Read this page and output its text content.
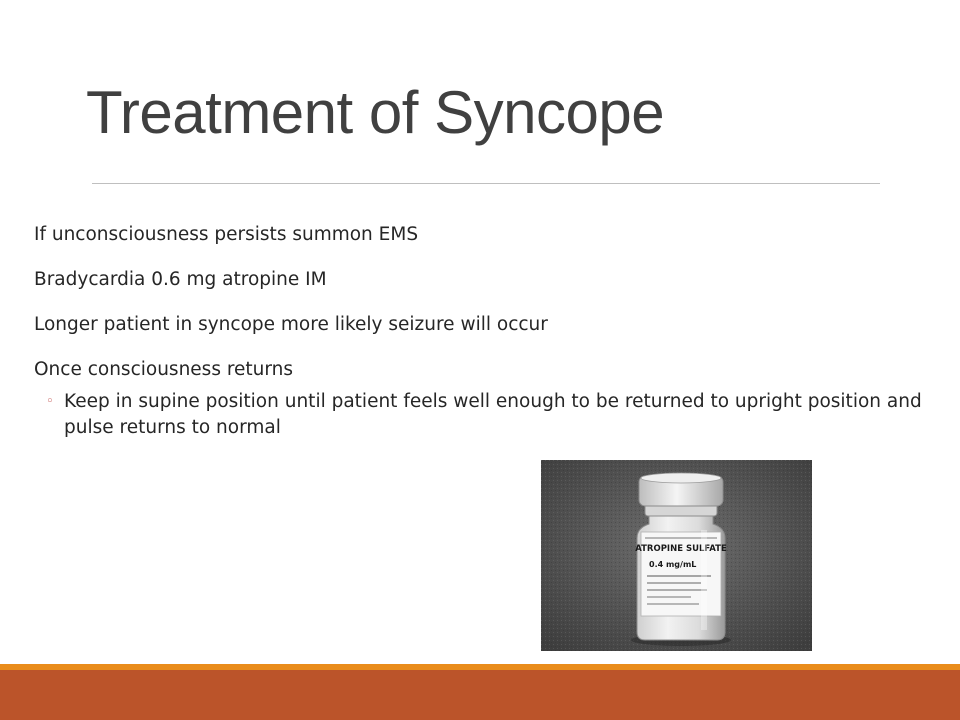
Treatment of Syncope
If unconsciousness persists summon EMS
Bradycardia 0.6 mg atropine IM
Longer patient in syncope more likely seizure will occur
Once consciousness returns
◦ Keep in supine position until patient feels well enough to be returned to upright position and pulse returns to normal
ATROPINE SULFATE
0.4 mg/mL
